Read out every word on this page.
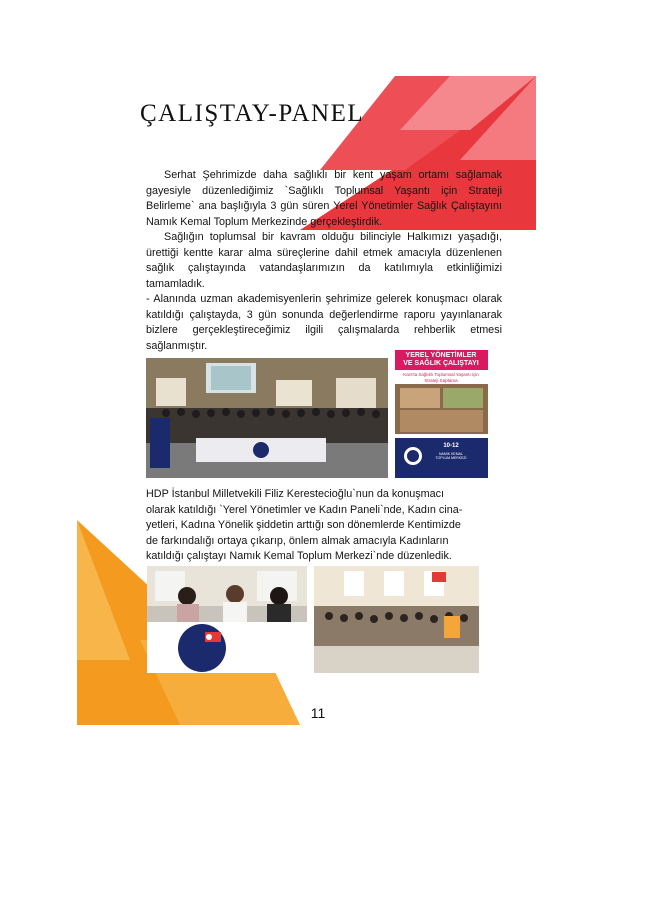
ÇALIŞTAY-PANEL

Serhat Şehrimizde daha sağlıklı bir kent yaşam ortamı sağlamak gayesiyle düzenlediğimiz `Sağlıklı Toplumsal Yaşantı için Strateji Belirleme` ana başlığıyla 3 gün süren Yerel Yönetimler Sağlık Çalıştayını Namık Kemal Toplum Merkezinde gerçekleştirdik.

Sağlığın toplumsal bir kavram olduğu bilinciyle Halkımızı yaşadığı, ürettiği kentte karar alma süreçlerine dahil etmek amacıyla düzenlenen sağlık çalıştayında vatandaşlarımızın da katılımıyla etkinliğimizi tamamladık.

- Alanında uzman akademisyenlerin şehrimize gelerek konuşmacı olarak katıldığı çalıştayda, 3 gün sonunda değerlendirme raporu yayınlanarak bizlere gerçekleştireceğimiz ilgili çalışmalarda rehberlik etmesi sağlanmıştır.

YEREL YÖNETİMLER VE SAĞLIK ÇALIŞTAYI
Kars'ta Sağlıklı Toplumsal Yaşantı için Strateji Saptama
10-12
NAMIK KEMAL TOPLUM MERKEZİ

HDP İstanbul Milletvekili Filiz Kerestecioğlu`nun da konuşmacı

olarak katıldığı `Yerel Yönetimler ve Kadın Paneli`nde, Kadın cina-

yetleri, Kadına Yönelik şiddetin arttığı son dönemlerde Kentimizde

de farkındalığı ortaya çıkarıp, önlem almak amacıyla Kadınların

katıldığı çalıştayı Namık Kemal Toplum Merkezi`nde düzenledik.

11
